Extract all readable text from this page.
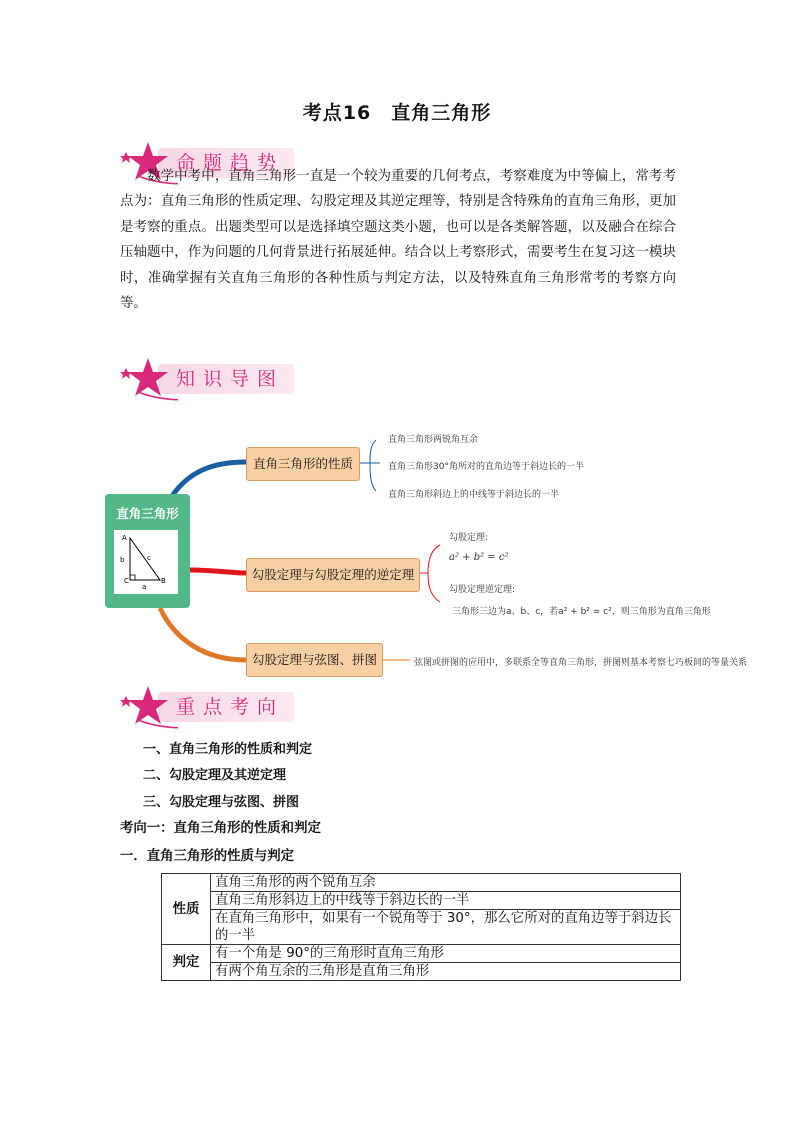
考点16　直角三角形
命题趋势
数学中考中，直角三角形一直是一个较为重要的几何考点，考察难度为中等偏上，常考考点为：直角三角形的性质定理、勾股定理及其逆定理等，特别是含特殊角的直角三角形，更加是考察的重点。出题类型可以是选择填空题这类小题，也可以是各类解答题，以及融合在综合压轴题中，作为问题的几何背景进行拓展延伸。结合以上考察形式，需要考生在复习这一模块时，准确掌握有关直角三角形的各种性质与判定方法，以及特殊直角三角形常考的考察方向等。
知识导图
直角三角形
A
C	B
b	c
a
直角三角形的性质
直角三角形两锐角互余
直角三角形30°角所对的直角边等于斜边长的一半
直角三角形斜边上的中线等于斜边长的一半
勾股定理与勾股定理的逆定理
勾股定理:
a² + b² = c²
勾股定理逆定理:
三角形三边为a、b、c，若a² + b² = c²，则三角形为直角三角形
勾股定理与弦图、拼图	弦图或拼图的应用中，多联系全等直角三角形，拼图则基本考察七巧板间的等量关系
重点考向
一、直角三角形的性质和判定
二、勾股定理及其逆定理
三、勾股定理与弦图、拼图
考向一：直角三角形的性质和判定
一．直角三角形的性质与判定
性质	直角三角形的两个锐角互余
	直角三角形斜边上的中线等于斜边长的一半
	在直角三角形中，如果有一个锐角等于 30°，那么它所对的直角边等于斜边长的一半
判定	有一个角是 90°的三角形时直角三角形
	有两个角互余的三角形是直角三角形
